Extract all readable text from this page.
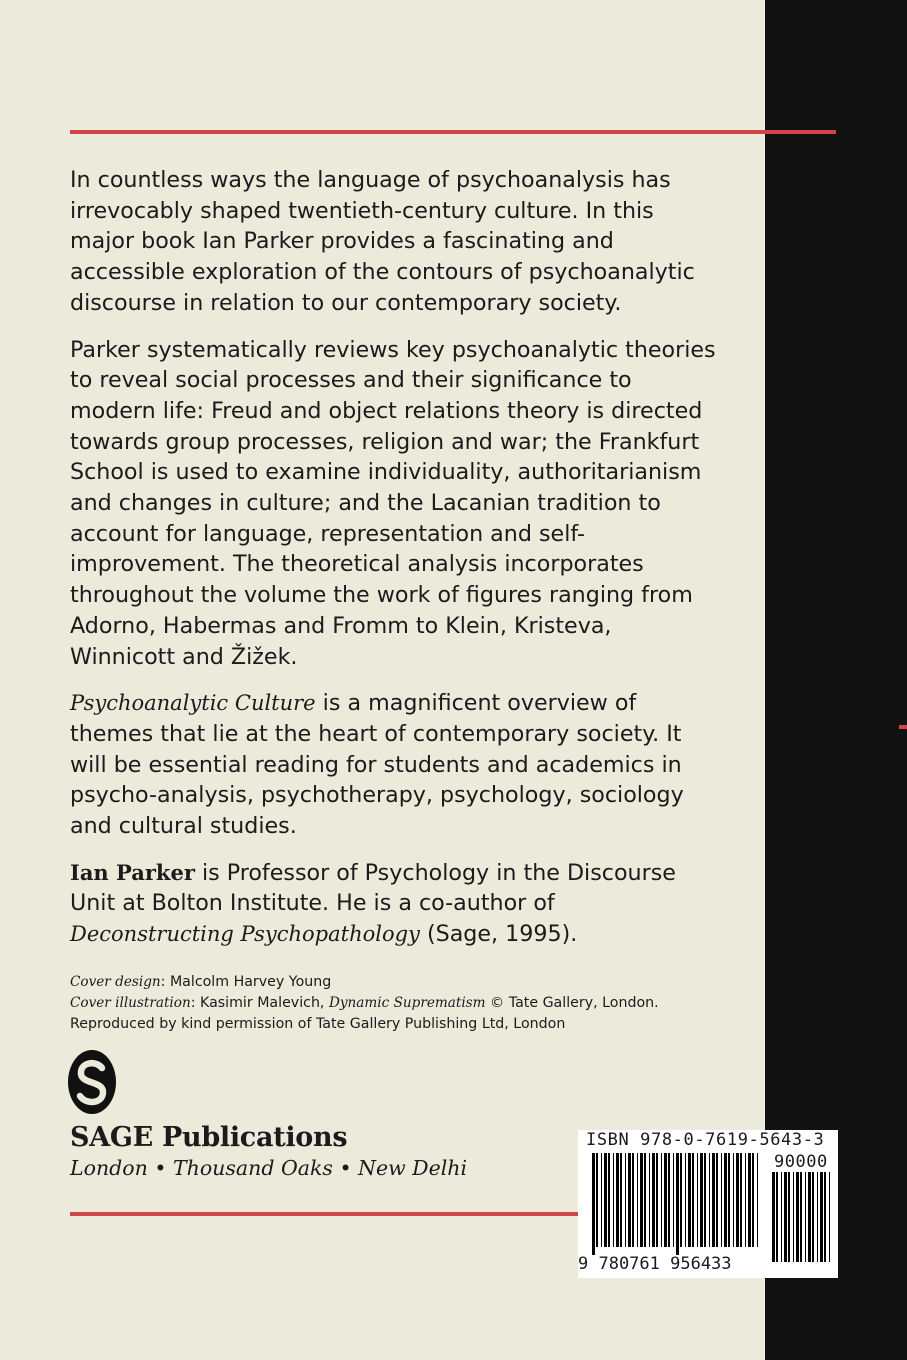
In countless ways the language of psychoanalysis has irrevocably shaped twentieth-century culture. In this major book Ian Parker provides a fascinating and accessible exploration of the contours of psychoanalytic discourse in relation to our contemporary society.

Parker systematically reviews key psychoanalytic theories to reveal social processes and their significance to modern life: Freud and object relations theory is directed towards group processes, religion and war; the Frankfurt School is used to examine individuality, authoritarianism and changes in culture; and the Lacanian tradition to account for language, representation and self-improvement. The theoretical analysis incorporates throughout the volume the work of figures ranging from Adorno, Habermas and Fromm to Klein, Kristeva, Winnicott and Žižek.

Psychoanalytic Culture is a magnificent overview of themes that lie at the heart of contemporary society. It will be essential reading for students and academics in psycho-analysis, psychotherapy, psychology, sociology and cultural studies.

Ian Parker is Professor of Psychology in the Discourse Unit at Bolton Institute. He is a co-author of Deconstructing Psychopathology (Sage, 1995).

Cover design: Malcolm Harvey Young
Cover illustration: Kasimir Malevich, Dynamic Suprematism © Tate Gallery, London.
Reproduced by kind permission of Tate Gallery Publishing Ltd, London
SAGE Publications
London • Thousand Oaks • New Delhi
ISBN 978-0-7619-5643-3
9 780761 956433
90000
